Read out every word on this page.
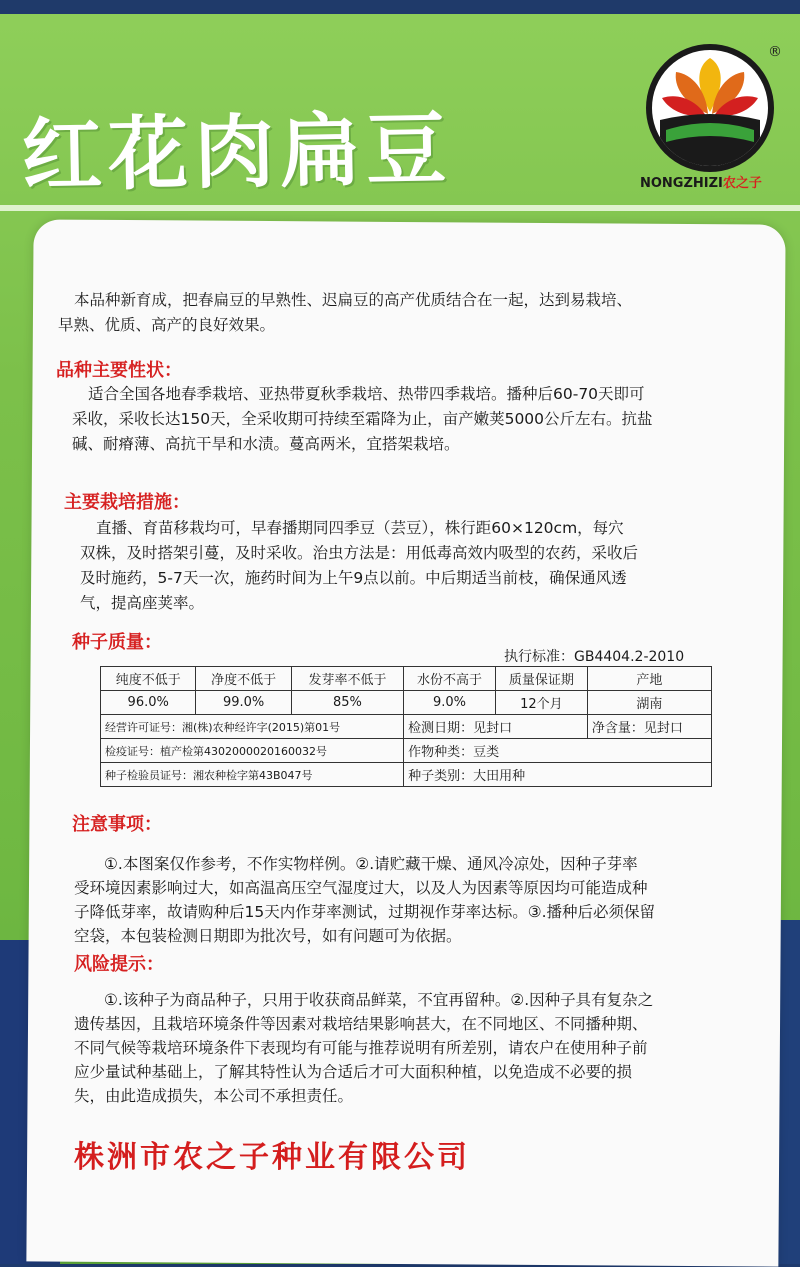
红花肉扁豆	NONGZHIZI农之子
®
本品种新育成，把春扁豆的早熟性、迟扁豆的高产优质结合在一起，达到易栽培、
早熟、优质、高产的良好效果。
品种主要性状：
适合全国各地春季栽培、亚热带夏秋季栽培、热带四季栽培。播种后60-70天即可
采收，采收长达150天，全采收期可持续至霜降为止，亩产嫩荚5000公斤左右。抗盐
碱、耐瘠薄、高抗干旱和水渍。蔓高两米，宜搭架栽培。
主要栽培措施：
直播、育苗移栽均可，早春播期同四季豆（芸豆），株行距60×120cm，每穴
双株，及时搭架引蔓，及时采收。治虫方法是：用低毒高效内吸型的农药，采收后
及时施药，5-7天一次，施药时间为上午9点以前。中后期适当前枝，确保通风透
气，提高座荚率。
种子质量：
执行标准：GB4404.2-2010
纯度不低于	净度不低于	发芽率不低于	水份不高于	质量保证期	产地
96.0%	99.0%	85%	9.0%	12个月	湖南
经营许可证号：湘(株)农种经许字(2015)第01号			检测日期：见封口		净含量：见封口
检疫证号：植产检第4302000020160032号			作物种类：豆类		
种子检验员证号：湘农种检字第43B047号			种子类别：大田用种		
注意事项：
①.本图案仅作参考，不作实物样例。②.请贮藏干燥、通风冷凉处，因种子芽率
受环境因素影响过大，如高温高压空气湿度过大，以及人为因素等原因均可能造成种
子降低芽率，故请购种后15天内作芽率测试，过期视作芽率达标。③.播种后必须保留
空袋，本包装检测日期即为批次号，如有问题可为依据。
风险提示：
①.该种子为商品种子，只用于收获商品鲜菜，不宜再留种。②.因种子具有复杂之
遗传基因，且栽培环境条件等因素对栽培结果影响甚大，在不同地区、不同播种期、
不同气候等栽培环境条件下表现均有可能与推荐说明有所差别，请农户在使用种子前
应少量试种基础上，了解其特性认为合适后才可大面积种植，以免造成不必要的损
失，由此造成损失，本公司不承担责任。
株洲市农之子种业有限公司
